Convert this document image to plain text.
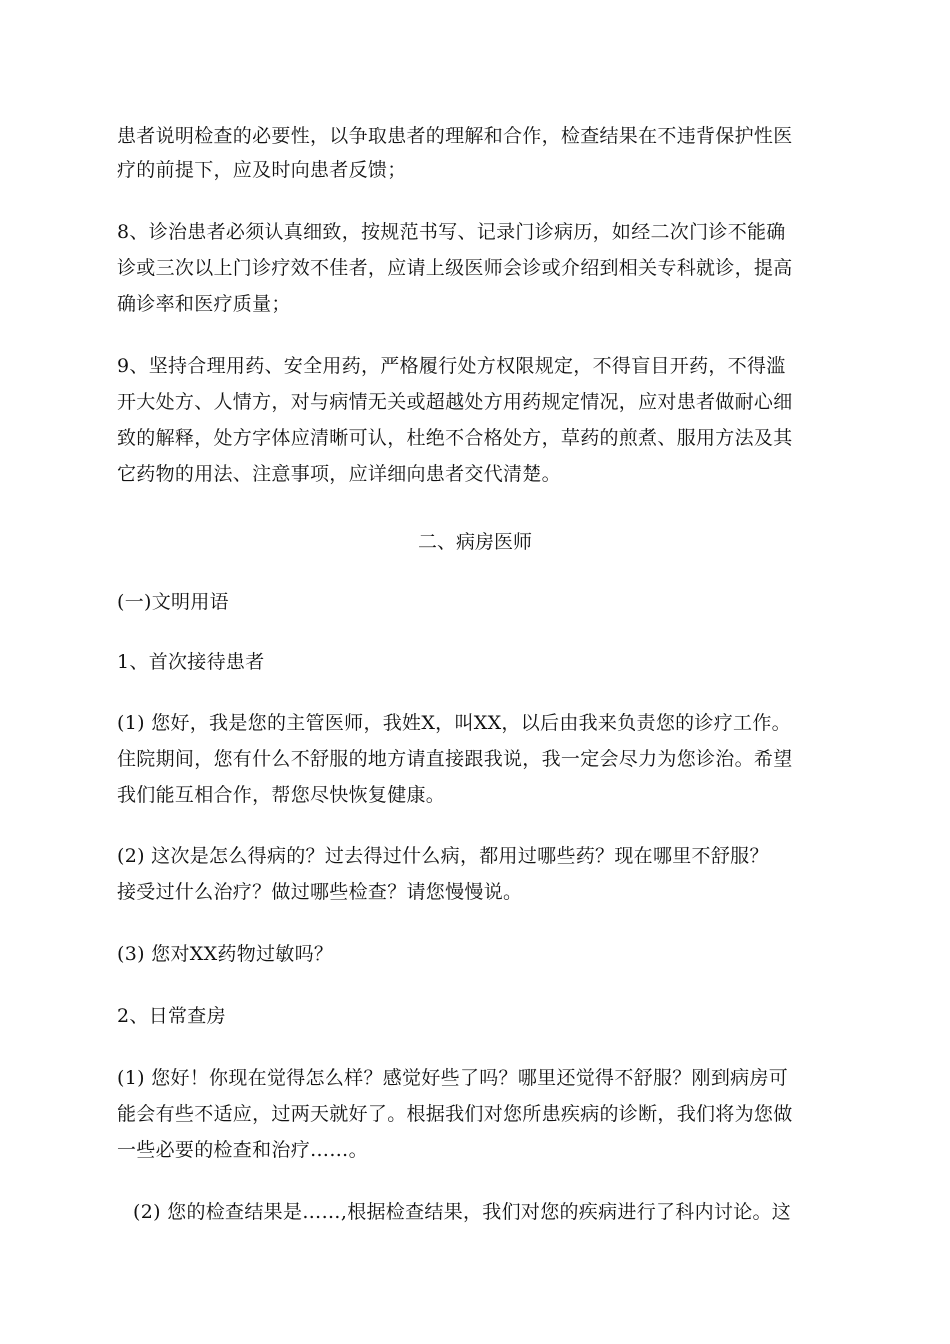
患者说明检查的必要性，以争取患者的理解和合作，检查结果在不违背保护性医
疗的前提下，应及时向患者反馈；
8、诊治患者必须认真细致，按规范书写、记录门诊病历，如经二次门诊不能确
诊或三次以上门诊疗效不佳者，应请上级医师会诊或介绍到相关专科就诊，提高
确诊率和医疗质量；
9、坚持合理用药、安全用药，严格履行处方权限规定，不得盲目开药，不得滥
开大处方、人情方，对与病情无关或超越处方用药规定情况，应对患者做耐心细
致的解释，处方字体应清晰可认，杜绝不合格处方，草药的煎煮、服用方法及其
它药物的用法、注意事项，应详细向患者交代清楚。
二、病房医师
(一)文明用语
1、首次接待患者
(1) 您好，我是您的主管医师，我姓X，叫XX，以后由我来负责您的诊疗工作。
住院期间，您有什么不舒服的地方请直接跟我说，我一定会尽力为您诊治。希望
我们能互相合作，帮您尽快恢复健康。
(2) 这次是怎么得病的？过去得过什么病，都用过哪些药？现在哪里不舒服？
接受过什么治疗？做过哪些检查？请您慢慢说。
(3) 您对XX药物过敏吗？
2、日常查房
(1) 您好！你现在觉得怎么样？感觉好些了吗？哪里还觉得不舒服？刚到病房可
能会有些不适应，过两天就好了。根据我们对您所患疾病的诊断，我们将为您做
一些必要的检查和治疗……。
(2) 您的检查结果是……,根据检查结果，我们对您的疾病进行了科内讨论。这
